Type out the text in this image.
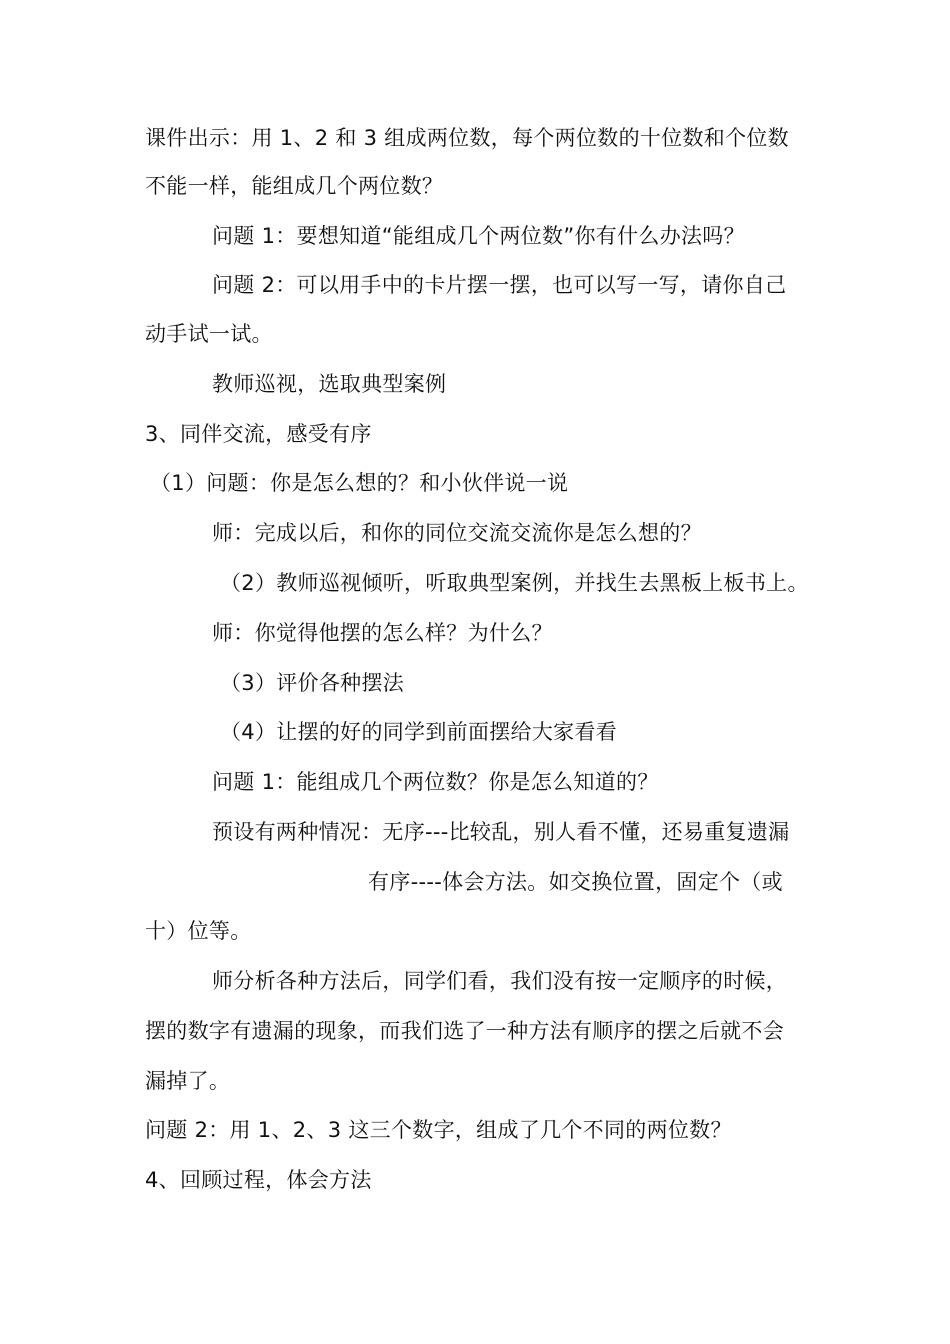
课件出示：用 1、2 和 3 组成两位数，每个两位数的十位数和个位数
不能一样，能组成几个两位数？
问题 1：要想知道“能组成几个两位数”你有什么办法吗？
问题 2：可以用手中的卡片摆一摆，也可以写一写，请你自己
动手试一试。
教师巡视，选取典型案例
3、同伴交流，感受有序
（1）问题：你是怎么想的？和小伙伴说一说
师：完成以后，和你的同位交流交流你是怎么想的？
（2）教师巡视倾听，听取典型案例，并找生去黑板上板书上。
师：你觉得他摆的怎么样？为什么？
（3）评价各种摆法
（4）让摆的好的同学到前面摆给大家看看
问题 1：能组成几个两位数？你是怎么知道的？
预设有两种情况：无序---比较乱，别人看不懂，还易重复遗漏
有序----体会方法。如交换位置，固定个（或
十）位等。
师分析各种方法后，同学们看，我们没有按一定顺序的时候，
摆的数字有遗漏的现象，而我们选了一种方法有顺序的摆之后就不会
漏掉了。
问题 2：用 1、2、3 这三个数字，组成了几个不同的两位数？
4、回顾过程，体会方法
